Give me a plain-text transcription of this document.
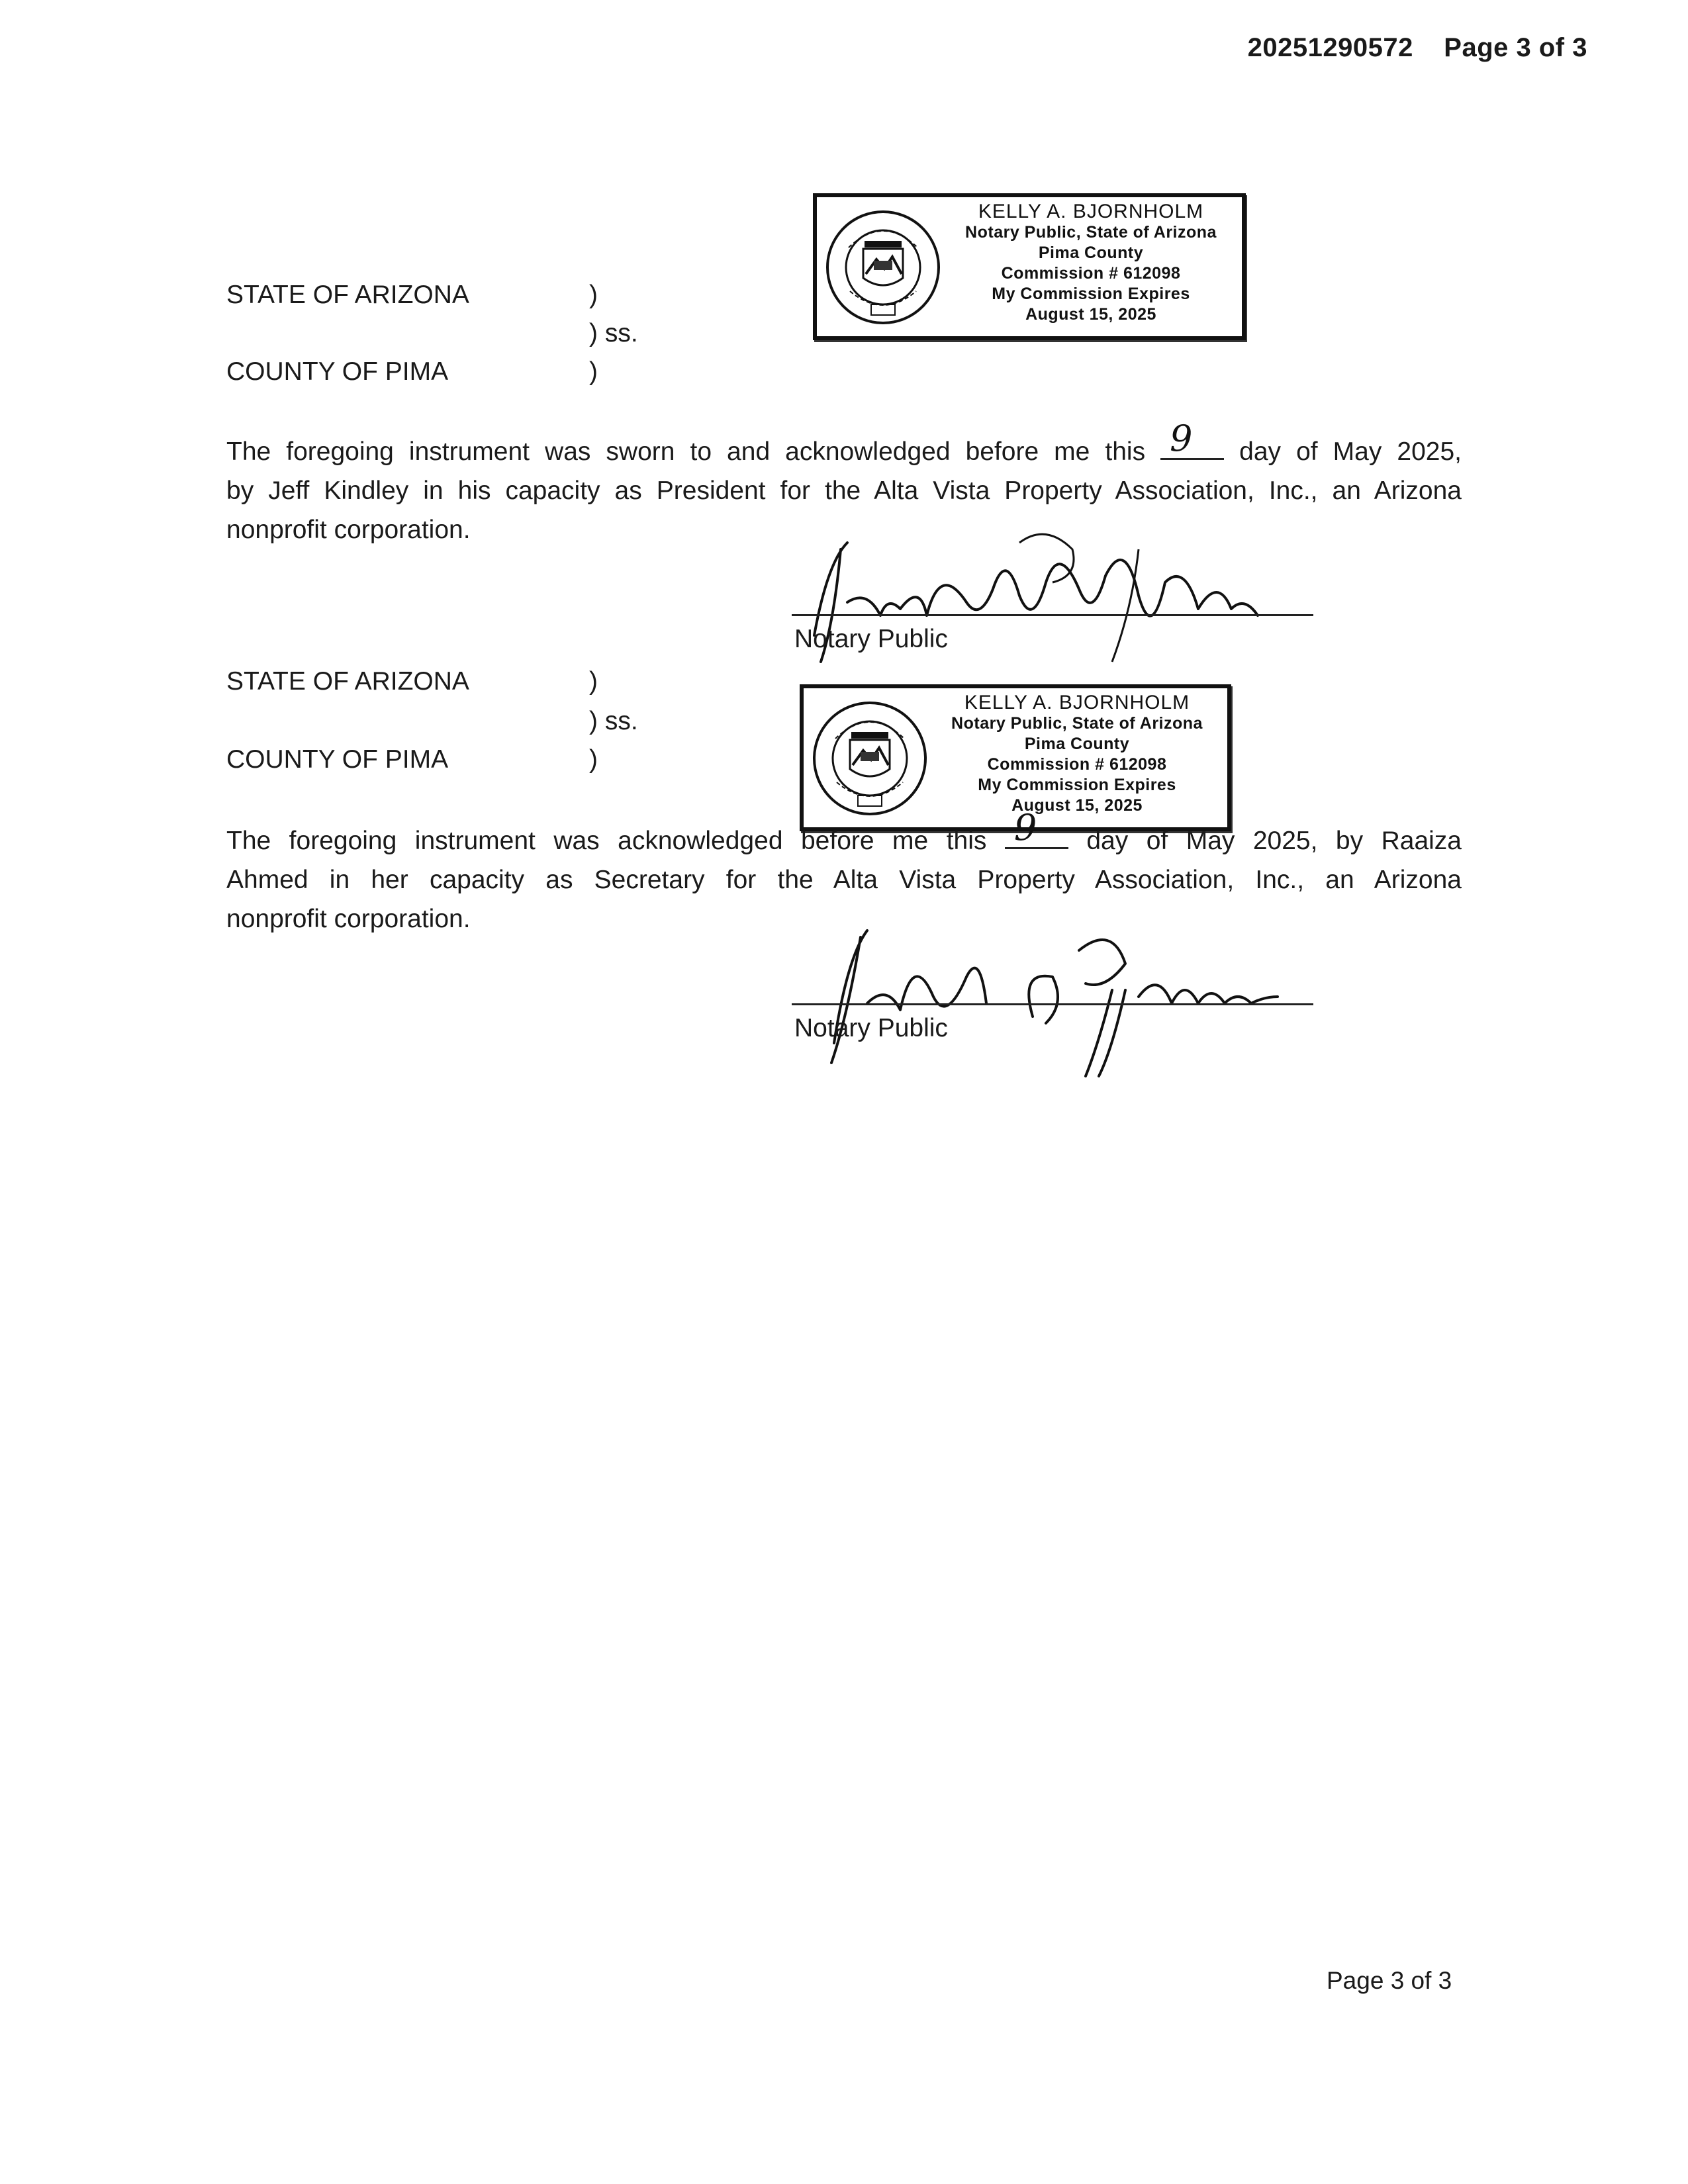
20251290572 Page 3 of 3
KELLY A. BJORNHOLM
Notary Public, State of Arizona
Pima County
Commission # 612098
My Commission Expires
August 15, 2025
STATE OF ARIZONA	)
) ss.
COUNTY OF PIMA	)
The foregoing instrument was sworn to and acknowledged before me this 9 day of May 2025,
by Jeff Kindley in his capacity as President for the Alta Vista Property Association, Inc., an Arizona
nonprofit corporation.
Notary Public
KELLY A. BJORNHOLM
Notary Public, State of Arizona
Pima County
Commission # 612098
My Commission Expires
August 15, 2025
STATE OF ARIZONA	)
) ss.
COUNTY OF PIMA	)
The foregoing instrument was acknowledged before me this 9 day of May 2025, by Raaiza
Ahmed in her capacity as Secretary for the Alta Vista Property Association, Inc., an Arizona
nonprofit corporation.
Notary Public
Page 3 of 3
